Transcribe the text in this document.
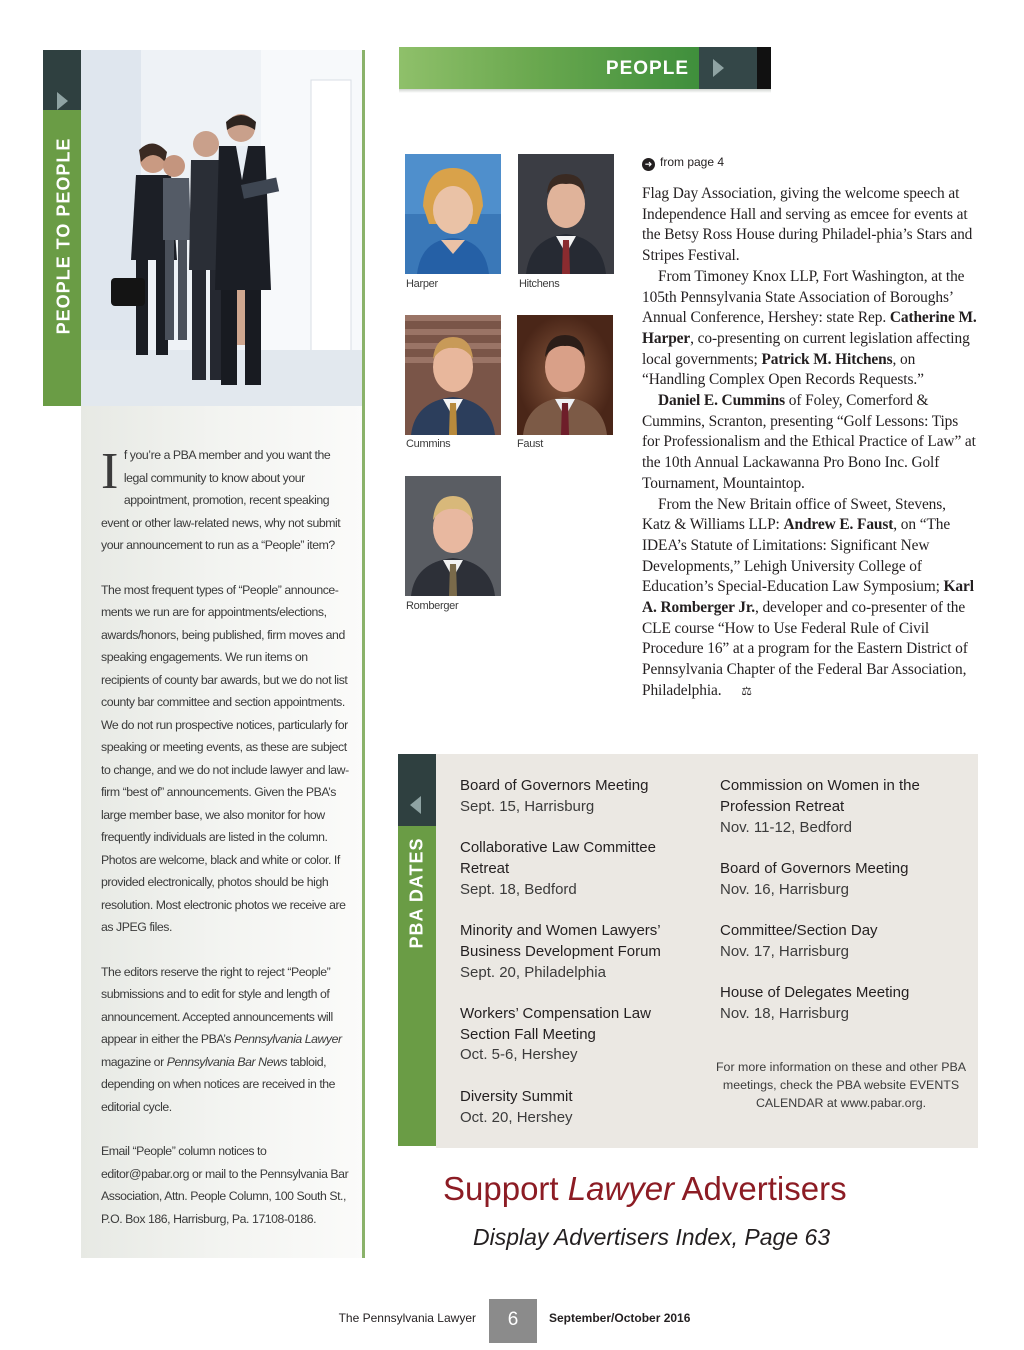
PEOPLE TO PEOPLE

I f you’re a PBA member and you want the legal community to know about your appointment, promotion, recent speaking event or other law-related news, why not submit your announcement to run as a “People” item?

The most frequent types of “People” announce-ments we run are for appointments/elections, awards/honors, being published, firm moves and speaking engagements. We run items on recipients of county bar awards, but we do not list county bar committee and section appointments. We do not run prospective notices, particularly for speaking or meeting events, as these are subject to change, and we do not include lawyer and law-firm “best of” announcements. Given the PBA’s large member base, we also monitor for how frequently individuals are listed in the column. Photos are welcome, black and white or color. If provided electronically, photos should be high resolution. Most electronic photos we receive are as JPEG files.

The editors reserve the right to reject “People” submissions and to edit for style and length of announcement. Accepted announcements will appear in either the PBA’s Pennsylvania Lawyer magazine or Pennsylvania Bar News tabloid, depending on when notices are received in the editorial cycle.

Email “People” column notices to editor@pabar.org or mail to the Pennsylvania Bar Association, Attn. People Column, 100 South St., P.O. Box 186, Harrisburg, Pa. 17108-0186.

PEOPLE
Harper	Hitchens
Cummins	Faust
Romberger
➜ from page 4

Flag Day Association, giving the welcome speech at Independence Hall and serving as emcee for events at the Betsy Ross House during Philadel-phia’s Stars and Stripes Festival.

From Timoney Knox LLP, Fort Washington, at the 105th Pennsylvania State Association of Boroughs’ Annual Conference, Hershey: state Rep. Catherine M. Harper, co-presenting on current legislation affecting local governments; Patrick M. Hitchens, on “Handling Complex Open Records Requests.”

Daniel E. Cummins of Foley, Comerford & Cummins, Scranton, presenting “Golf Lessons: Tips for Professionalism and the Ethical Practice of Law” at the 10th Annual Lackawanna Pro Bono Inc. Golf Tournament, Mountaintop.

From the New Britain office of Sweet, Stevens, Katz & Williams LLP: Andrew E. Faust, on “The IDEA’s Statute of Limitations: Significant New Developments,” Lehigh University College of Education’s Special-Education Law Symposium; Karl A. Romberger Jr., developer and co-presenter of the CLE course “How to Use Federal Rule of Civil Procedure 16” at a program for the Eastern District of Pennsylvania Chapter of the Federal Bar Association, Philadelphia. ⚖

PBA DATES
Board of Governors Meeting
Sept. 15, Harrisburg
Collaborative Law Committee Retreat
Sept. 18, Bedford
Minority and Women Lawyers’ Business Development Forum
Sept. 20, Philadelphia
Workers’ Compensation Law Section Fall Meeting
Oct. 5-6, Hershey
Diversity Summit
Oct. 20, Hershey
Commission on Women in the Profession Retreat
Nov. 11-12, Bedford
Board of Governors Meeting
Nov. 16, Harrisburg
Committee/Section Day
Nov. 17, Harrisburg
House of Delegates Meeting
Nov. 18, Harrisburg
For more information on these and other PBA meetings, check the PBA website EVENTS CALENDAR at www.pabar.org.
Support Lawyer Advertisers
Display Advertisers Index, Page 63
The Pennsylvania Lawyer	6	September/October 2016
